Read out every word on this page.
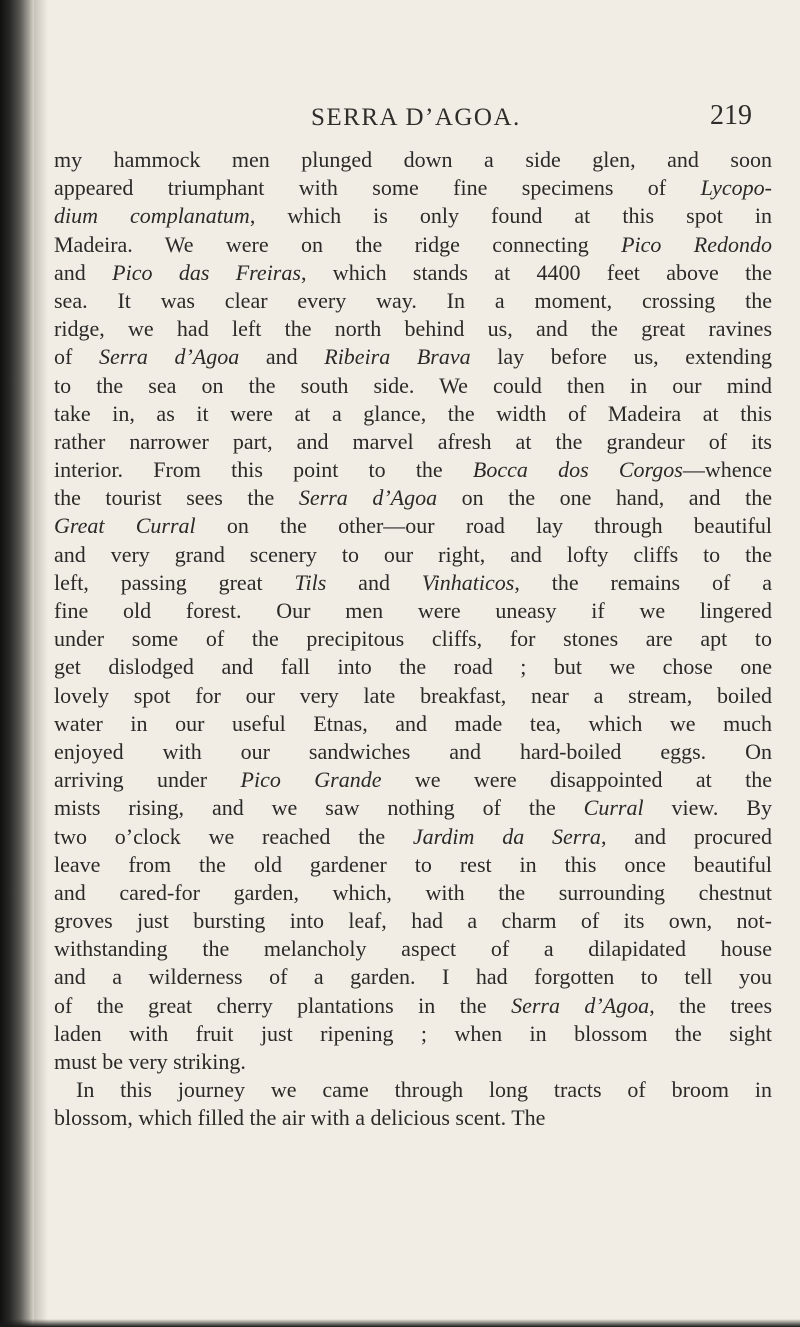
SERRA D’AGOA.	219
my hammock men plunged down a side glen, and soon
appeared triumphant with some fine specimens of Lycopo-
dium complanatum, which is only found at this spot in
Madeira. We were on the ridge connecting Pico Redondo
and Pico das Freiras, which stands at 4400 feet above the
sea. It was clear every way. In a moment, crossing the
ridge, we had left the north behind us, and the great ravines
of Serra d’Agoa and Ribeira Brava lay before us, extending
to the sea on the south side. We could then in our mind
take in, as it were at a glance, the width of Madeira at this
rather narrower part, and marvel afresh at the grandeur of its
interior. From this point to the Bocca dos Corgos—whence
the tourist sees the Serra d’Agoa on the one hand, and the
Great Curral on the other—our road lay through beautiful
and very grand scenery to our right, and lofty cliffs to the
left, passing great Tils and Vinhaticos, the remains of a
fine old forest. Our men were uneasy if we lingered
under some of the precipitous cliffs, for stones are apt to
get dislodged and fall into the road ; but we chose one
lovely spot for our very late breakfast, near a stream, boiled
water in our useful Etnas, and made tea, which we much
enjoyed with our sandwiches and hard-boiled eggs. On
arriving under Pico Grande we were disappointed at the
mists rising, and we saw nothing of the Curral view. By
two o’clock we reached the Jardim da Serra, and procured
leave from the old gardener to rest in this once beautiful
and cared-for garden, which, with the surrounding chestnut
groves just bursting into leaf, had a charm of its own, not-
withstanding the melancholy aspect of a dilapidated house
and a wilderness of a garden. I had forgotten to tell you
of the great cherry plantations in the Serra d’Agoa, the trees
laden with fruit just ripening ; when in blossom the sight
must be very striking.
In this journey we came through long tracts of broom in
blossom, which filled the air with a delicious scent. The
